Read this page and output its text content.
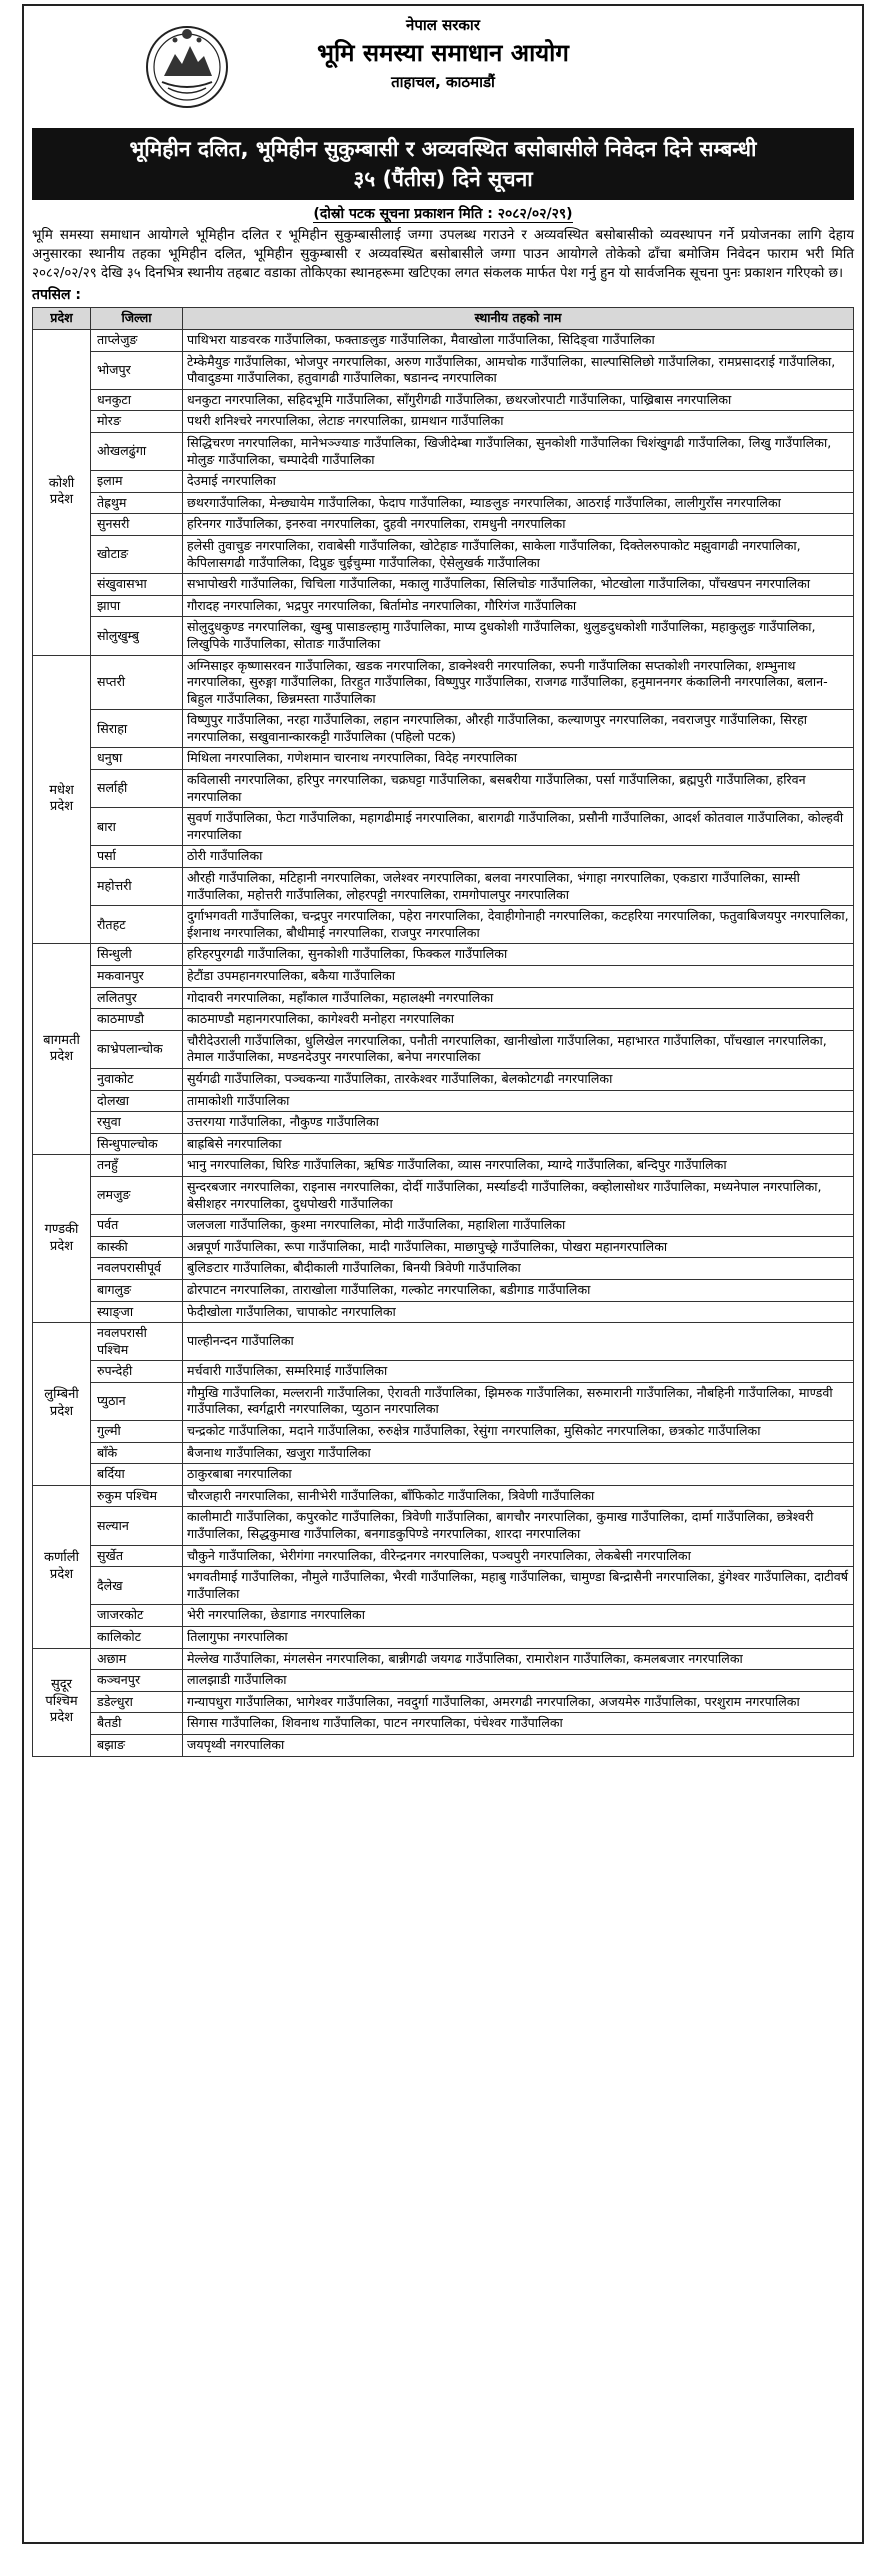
नेपाल सरकार
भूमि समस्या समाधान आयोग
ताहाचल, काठमाडौं
भूमिहीन दलित, भूमिहीन सुकुम्बासी र अव्यवस्थित बसोबासीले निवेदन दिने सम्बन्धी
३५ (पैंतीस) दिने सूचना
(दोस्रो पटक सूचना प्रकाशन मिति : २०८२/०२/२९)

भूमि समस्या समाधान आयोगले भूमिहीन दलित र भूमिहीन सुकुम्बासीलाई जग्गा उपलब्ध गराउने र अव्यवस्थित बसोबासीको व्यवस्थापन गर्ने प्रयोजनका लागि देहाय अनुसारका स्थानीय तहका भूमिहीन दलित, भूमिहीन सुकुम्बासी र अव्यवस्थित बसोबासीले जग्गा पाउन आयोगले तोकेको ढाँचा बमोजिम निवेदन फाराम भरी मिति २०८२/०२/२९ देखि ३५ दिनभित्र स्थानीय तहबाट वडाका तोकिएका स्थानहरूमा खटिएका लगत संकलक मार्फत पेश गर्नु हुन यो सार्वजनिक सूचना पुनः प्रकाशन गरिएको छ।

तपसिल :
प्रदेश	जिल्ला	स्थानीय तहको नाम
कोशी प्रदेश	ताप्लेजुङ	पाथिभरा याङवरक गाउँपालिका, फक्ताङलुङ गाउँपालिका, मैवाखोला गाउँपालिका, सिदिङ्वा गाउँपालिका
	भोजपुर	टेम्केमैयुङ गाउँपालिका, भोजपुर नगरपालिका, अरुण गाउँपालिका, आमचोक गाउँपालिका, साल्पासिलिछो गाउँपालिका, रामप्रसादराई गाउँपालिका, पौवादुङमा गाउँपालिका, हतुवागढी गाउँपालिका, षडानन्द नगरपालिका
	धनकुटा	धनकुटा नगरपालिका, सहिदभूमि गाउँपालिका, साँगुरीगढी गाउँपालिका, छथरजोरपाटी गाउँपालिका, पाख्रिबास नगरपालिका
	मोरङ	पथरी शनिश्चरे नगरपालिका, लेटाङ नगरपालिका, ग्रामथान गाउँपालिका
	ओखलढुंगा	सिद्धिचरण नगरपालिका, मानेभञ्ज्याङ गाउँपालिका, खिजीदेम्बा गाउँपालिका, सुनकोशी गाउँपालिका चिशंखुगढी गाउँपालिका, लिखु गाउँपालिका, मोलुङ गाउँपालिका, चम्पादेवी गाउँपालिका
	इलाम	देउमाई नगरपालिका
	तेह्रथुम	छथरगाउँपालिका, मेन्छ्यायेम गाउँपालिका, फेदाप गाउँपालिका, म्याङलुङ नगरपालिका, आठराई गाउँपालिका, लालीगुराँस नगरपालिका
	सुनसरी	हरिनगर गाउँपालिका, इनरुवा नगरपालिका, दुहवी नगरपालिका, रामधुनी नगरपालिका
	खोटाङ	हलेसी तुवाचुङ नगरपालिका, रावाबेसी गाउँपालिका, खोटेहाङ गाउँपालिका, साकेला गाउँपालिका, दिक्तेलरुपाकोट मझुवागढी नगरपालिका, केपिलासगढी गाउँपालिका, दिप्रुङ चुईचुम्मा गाउँपालिका, ऐसेलुखर्क गाउँपालिका
	संखुवासभा	सभापोखरी गाउँपालिका, चिचिला गाउँपालिका, मकालु गाउँपालिका, सिलिचोङ गाउँपालिका, भोटखोला गाउँपालिका, पाँचखपन नगरपालिका
	झापा	गौरादह नगरपालिका, भद्रपुर नगरपालिका, बिर्तामोड नगरपालिका, गौरिगंज गाउँपालिका
	सोलुखुम्बु	सोलुदुधकुण्ड नगरपालिका, खुम्बु पासाङल्हामु गाउँपालिका, माप्य दुधकोशी गाउँपालिका, थुलुङदुधकोशी गाउँपालिका, महाकुलुङ गाउँपालिका, लिखुपिके गाउँपालिका, सोताङ गाउँपालिका
मधेश प्रदेश	सप्तरी	अग्निसाइर कृष्णासरवन गाउँपालिका, खडक नगरपालिका, डाक्नेश्वरी नगरपालिका, रुपनी गाउँपालिका सप्तकोशी नगरपालिका, शम्भुनाथ नगरपालिका, सुरुङ्गा गाउँपालिका, तिरहुत गाउँपालिका, विष्णुपुर गाउँपालिका, राजगढ गाउँपालिका, हनुमाननगर कंकालिनी नगरपालिका, बलान-बिहुल गाउँपालिका, छिन्नमस्ता गाउँपालिका
	सिराहा	विष्णुपुर गाउँपालिका, नरहा गाउँपालिका, लहान नगरपालिका, औरही गाउँपालिका, कल्याणपुर नगरपालिका, नवराजपुर गाउँपालिका, सिरहा नगरपालिका, सखुवानान्कारकट्टी गाउँपालिका (पहिलो पटक)
	धनुषा	मिथिला नगरपालिका, गणेशमान चारनाथ नगरपालिका, विदेह नगरपालिका
	सर्लाही	कविलासी नगरपालिका, हरिपुर नगरपालिका, चक्रघट्टा गाउँपालिका, बसबरीया गाउँपालिका, पर्सा गाउँपालिका, ब्रह्मपुरी गाउँपालिका, हरिवन नगरपालिका
	बारा	सुवर्ण गाउँपालिका, फेटा गाउँपालिका, महागढीमाई नगरपालिका, बारागढी गाउँपालिका, प्रसौनी गाउँपालिका, आदर्श कोतवाल गाउँपालिका, कोल्हवी नगरपालिका
	पर्सा	ठोरी गाउँपालिका
	महोत्तरी	औरही गाउँपालिका, मटिहानी नगरपालिका, जलेश्वर नगरपालिका, बलवा नगरपालिका, भंगाहा नगरपालिका, एकडारा गाउँपालिका, साम्सी गाउँपालिका, महोत्तरी गाउँपालिका, लोहरपट्टी नगरपालिका, रामगोपालपुर नगरपालिका
	रौतहट	दुर्गाभगवती गाउँपालिका, चन्द्रपुर नगरपालिका, पहेरा नगरपालिका, देवाहीगोनाही नगरपालिका, कटहरिया नगरपालिका, फतुवाबिजयपुर नगरपालिका, ईशनाथ नगरपालिका, बौधीमाई नगरपालिका, राजपुर नगरपालिका
बागमती प्रदेश	सिन्धुली	हरिहरपुरगढी गाउँपालिका, सुनकोशी गाउँपालिका, फिक्कल गाउँपालिका
	मकवानपुर	हेटौंडा उपमहानगरपालिका, बकैया गाउँपालिका
	ललितपुर	गोदावरी नगरपालिका, महाँकाल गाउँपालिका, महालक्ष्मी नगरपालिका
	काठमाण्डौ	काठमाण्डौ महानगरपालिका, कागेश्वरी मनोहरा नगरपालिका
	काभ्रेपलान्चोक	चौरीदेउराली गाउँपालिका, धुलिखेल नगरपालिका, पनौती नगरपालिका, खानीखोला गाउँपालिका, महाभारत गाउँपालिका, पाँचखाल नगरपालिका, तेमाल गाउँपालिका, मण्डनदेउपुर नगरपालिका, बनेपा नगरपालिका
	नुवाकोट	सुर्यगढी गाउँपालिका, पञ्चकन्या गाउँपालिका, तारकेश्वर गाउँपालिका, बेलकोटगढी नगरपालिका
	दोलखा	तामाकोशी गाउँपालिका
	रसुवा	उत्तरगया गाउँपालिका, नौकुण्ड गाउँपालिका
	सिन्धुपाल्चोक	बाह्रबिसे नगरपालिका
गण्डकी प्रदेश	तनहुँ	भानु नगरपालिका, घिरिङ गाउँपालिका, ऋषिङ गाउँपालिका, व्यास नगरपालिका, म्याग्दे गाउँपालिका, बन्दिपुर गाउँपालिका
	लमजुङ	सुन्दरबजार नगरपालिका, राइनास नगरपालिका, दोर्दी गाउँपालिका, मर्स्याङदी गाउँपालिका, क्व्होलासोथर गाउँपालिका, मध्यनेपाल नगरपालिका, बेसीशहर नगरपालिका, दुधपोखरी गाउँपालिका
	पर्वत	जलजला गाउँपालिका, कुश्मा नगरपालिका, मोदी गाउँपालिका, महाशिला गाउँपालिका
	कास्की	अन्नपूर्ण गाउँपालिका, रूपा गाउँपालिका, मादी गाउँपालिका, माछापुच्छ्रे गाउँपालिका, पोखरा महानगरपालिका
	नवलपरासीपूर्व	बुलिङटार गाउँपालिका, बौदीकाली गाउँपालिका, बिनयी त्रिवेणी गाउँपालिका
	बागलुङ	ढोरपाटन नगरपालिका, ताराखोला गाउँपालिका, गल्कोट नगरपालिका, बडीगाड गाउँपालिका
	स्याङ्जा	फेदीखोला गाउँपालिका, चापाकोट नगरपालिका
लुम्बिनी प्रदेश	नवलपरासी पश्चिम	पाल्हीनन्दन गाउँपालिका
	रुपन्देही	मर्चवारी गाउँपालिका, सम्मरिमाई गाउँपालिका
	प्युठान	गौमुखि गाउँपालिका, मल्लरानी गाउँपालिका, ऐरावती गाउँपालिका, झिमरुक गाउँपालिका, सरुमारानी गाउँपालिका, नौबहिनी गाउँपालिका, माण्डवी गाउँपालिका, स्वर्गद्वारी नगरपालिका, प्युठान नगरपालिका
	गुल्मी	चन्द्रकोट गाउँपालिका, मदाने गाउँपालिका, रुरुक्षेत्र गाउँपालिका, रेसुंगा नगरपालिका, मुसिकोट नगरपालिका, छत्रकोट गाउँपालिका
	बाँके	बैजनाथ गाउँपालिका, खजुरा गाउँपालिका
	बर्दिया	ठाकुरबाबा नगरपालिका
कर्णाली प्रदेश	रुकुम पश्चिम	चौरजहारी नगरपालिका, सानीभेरी गाउँपालिका, बाँफिकोट गाउँपालिका, त्रिवेणी गाउँपालिका
	सल्यान	कालीमाटी गाउँपालिका, कपुरकोट गाउँपालिका, त्रिवेणी गाउँपालिका, बागचौर नगरपालिका, कुमाख गाउँपालिका, दार्मा गाउँपालिका, छत्रेश्वरी गाउँपालिका, सिद्धकुमाख गाउँपालिका, बनगाडकुपिण्डे नगरपालिका, शारदा नगरपालिका
	सुर्खेत	चौकुने गाउँपालिका, भेरीगंगा नगरपालिका, वीरेन्द्रनगर नगरपालिका, पञ्चपुरी नगरपालिका, लेकबेसी नगरपालिका
	दैलेख	भगवतीमाई गाउँपालिका, नौमुले गाउँपालिका, भैरवी गाउँपालिका, महाबु गाउँपालिका, चामुण्डा बिन्द्रासैनी नगरपालिका, डुंगेश्वर गाउँपालिका, दाटीवर्ष गाउँपालिका
	जाजरकोट	भेरी नगरपालिका, छेडागाड नगरपालिका
	कालिकोट	तिलागुफा नगरपालिका
सुदूर पश्चिम प्रदेश	अछाम	मेल्लेख गाउँपालिका, मंगलसेन नगरपालिका, बान्नीगढी जयगढ गाउँपालिका, रामारोशन गाउँपालिका, कमलबजार नगरपालिका
	कञ्चनपुर	लालझाडी गाउँपालिका
	डडेल्धुरा	गन्यापधुरा गाउँपालिका, भागेश्वर गाउँपालिका, नवदुर्गा गाउँपालिका, अमरगढी नगरपालिका, अजयमेरु गाउँपालिका, परशुराम नगरपालिका
	बैतडी	सिगास गाउँपालिका, शिवनाथ गाउँपालिका, पाटन नगरपालिका, पंचेश्वर गाउँपालिका
	बझाङ	जयपृथ्वी नगरपालिका
